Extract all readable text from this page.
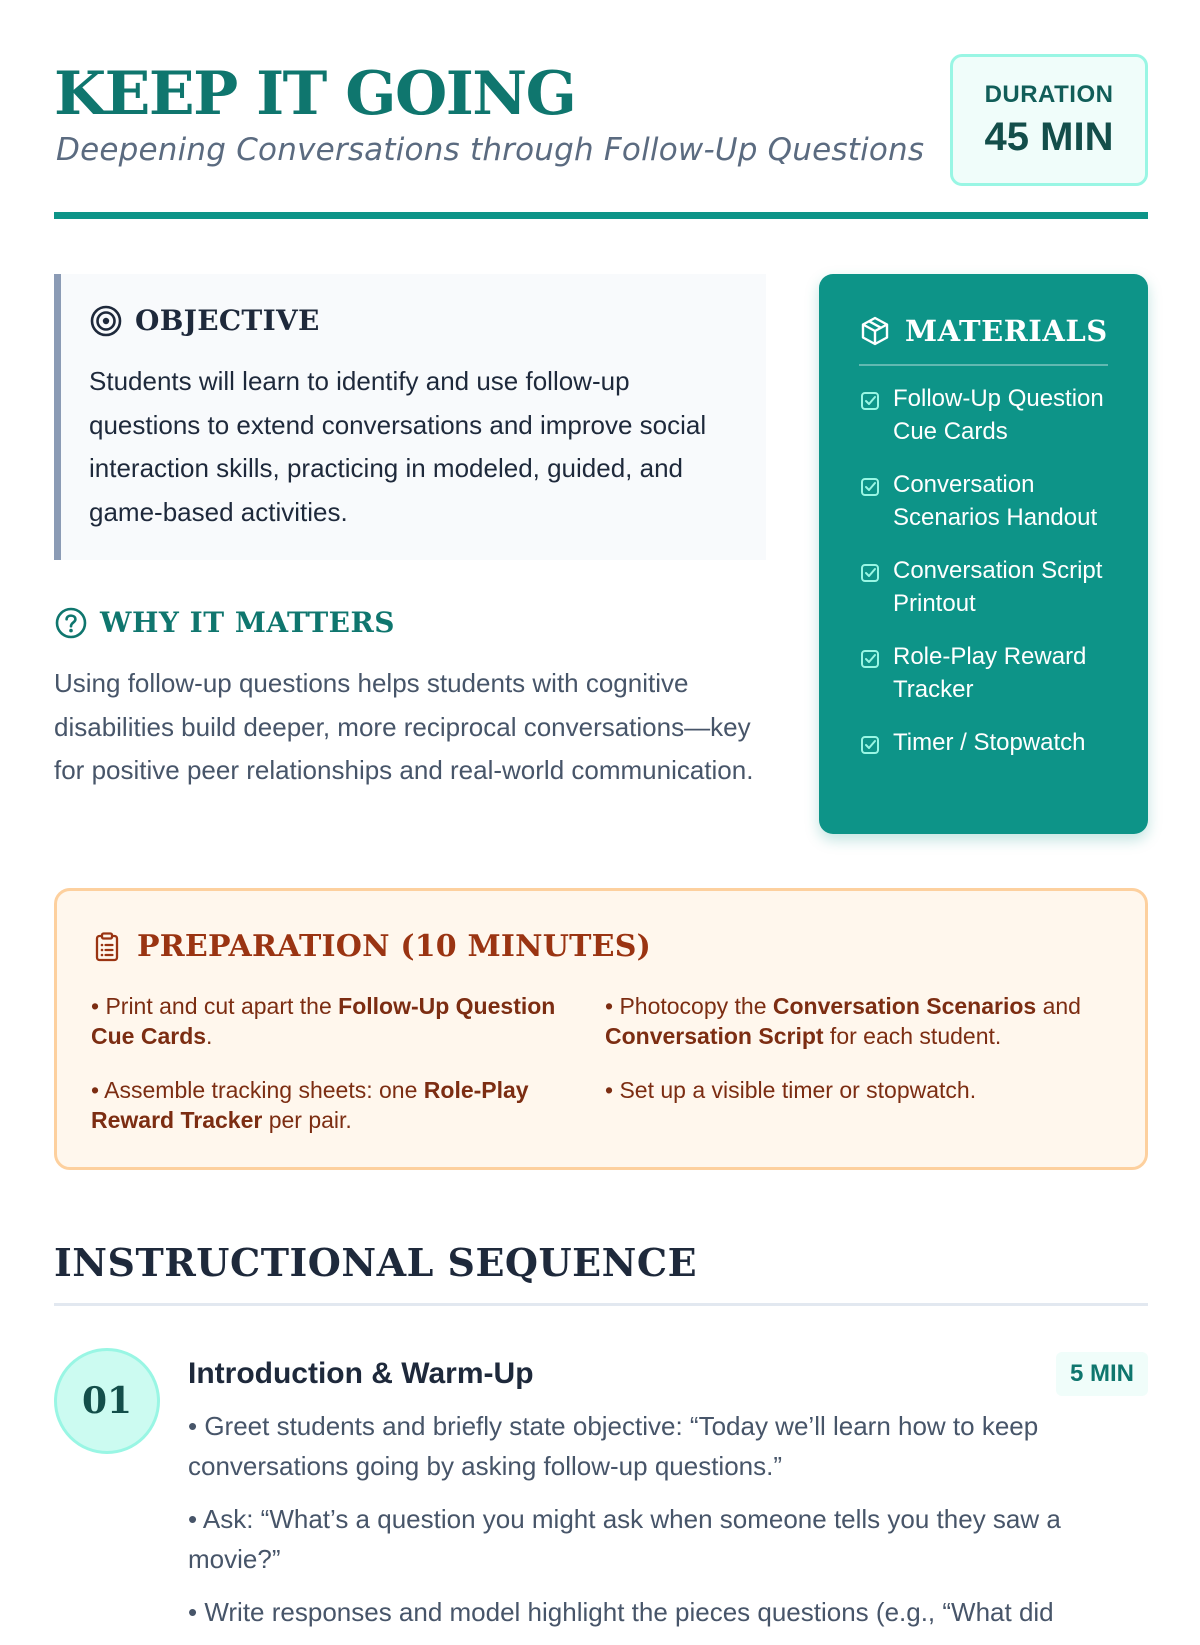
KEEP IT GOING
Deepening Conversations through Follow-Up Questions
DURATION
45 MIN
OBJECTIVE

Students will learn to identify and use follow-up questions to extend conversations and improve social interaction skills, practicing in modeled, guided, and game-based activities.

WHY IT MATTERS

Using follow-up questions helps students with cognitive disabilities build deeper, more reciprocal conversations—key for positive peer relationships and real-world communication.

MATERIALS
Follow-Up Question Cue Cards
Conversation Scenarios Handout
Conversation Script Printout
Role-Play Reward Tracker
Timer / Stopwatch
PREPARATION (10 MINUTES)
• Print and cut apart the Follow-Up Question Cue Cards.
• Photocopy the Conversation Scenarios and Conversation Script for each student.
• Assemble tracking sheets: one Role-Play Reward Tracker per pair.
• Set up a visible timer or stopwatch.
INSTRUCTIONAL SEQUENCE
01
Introduction & Warm-Up	5 MIN
• Greet students and briefly state objective: “Today we’ll learn how to keep conversations going by asking follow-up questions.”
• Ask: “What’s a question you might ask when someone tells you they saw a movie?”
• Write responses and model highlight the pieces questions (e.g., “What did
